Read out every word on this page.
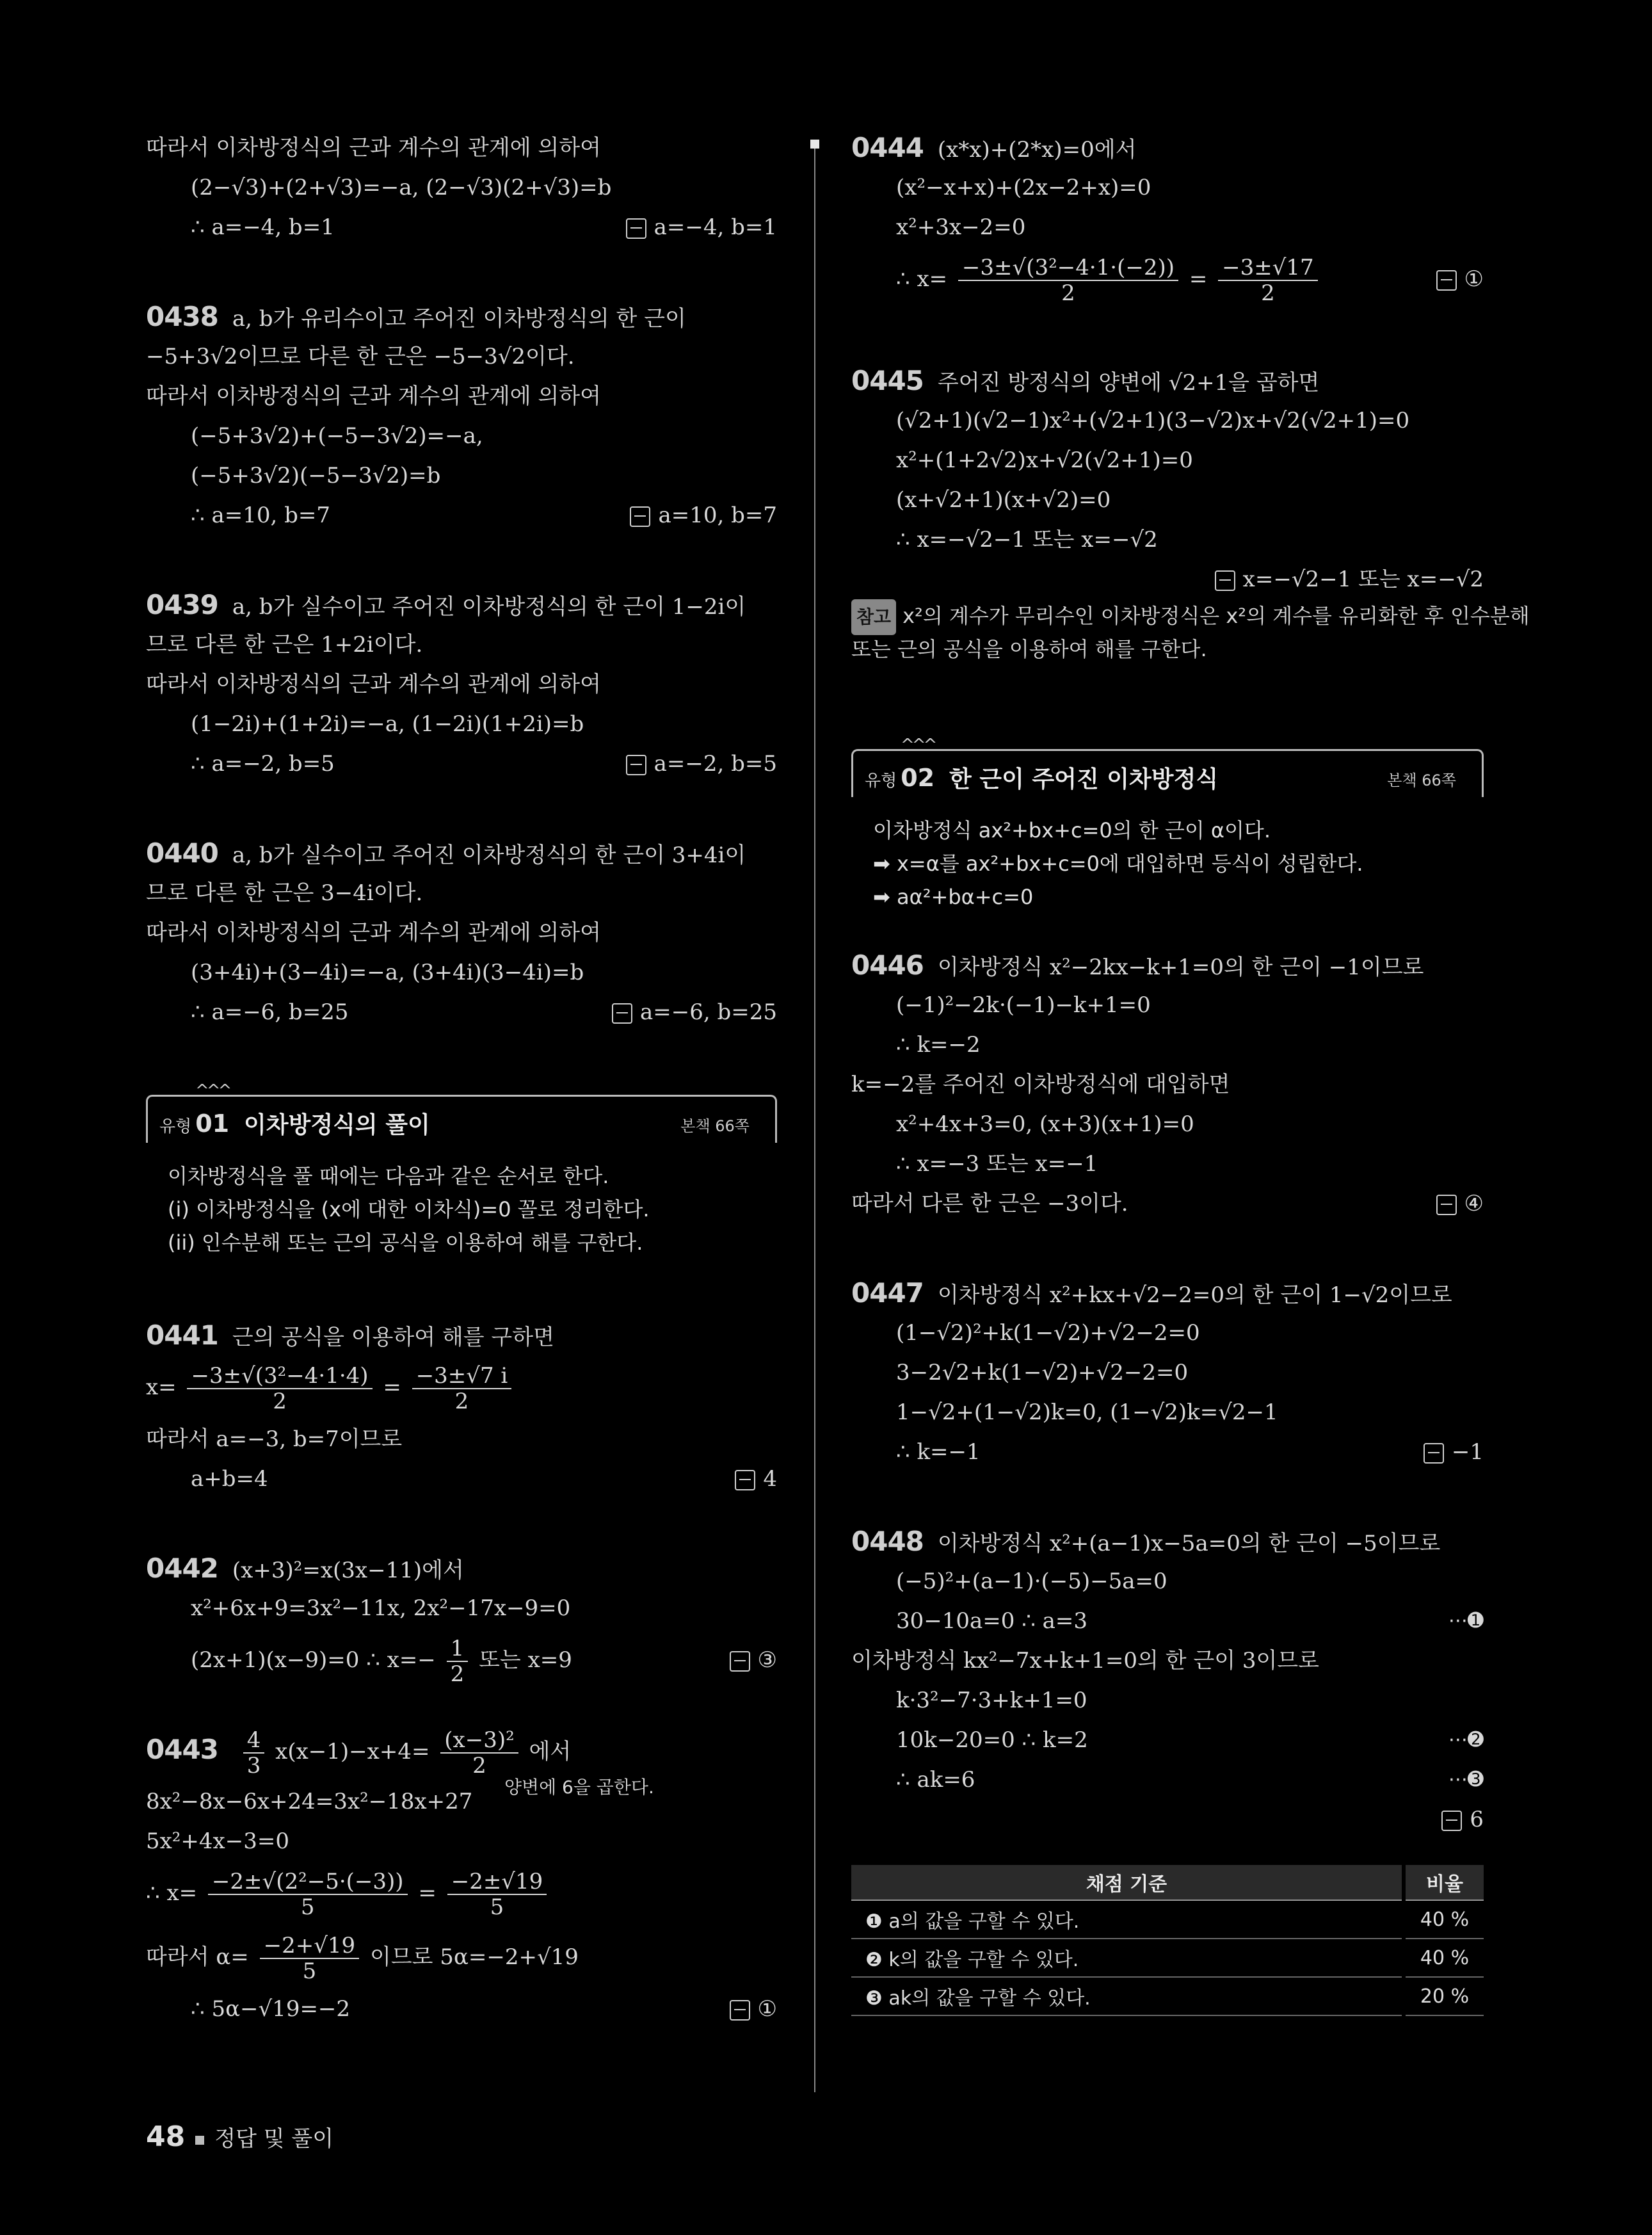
따라서 이차방정식의 근과 계수의 관계에 의하여
(2−√3)+(2+√3)=−a, (2−√3)(2+√3)=b
∴ a=−4, b=1	a=−4, b=1
0438 a, b가 유리수이고 주어진 이차방정식의 한 근이
−5+3√2이므로 다른 한 근은 −5−3√2이다.
따라서 이차방정식의 근과 계수의 관계에 의하여
(−5+3√2)+(−5−3√2)=−a,
(−5+3√2)(−5−3√2)=b
∴ a=10, b=7	a=10, b=7
0439 a, b가 실수이고 주어진 이차방정식의 한 근이 1−2i이
므로 다른 한 근은 1+2i이다.
따라서 이차방정식의 근과 계수의 관계에 의하여
(1−2i)+(1+2i)=−a, (1−2i)(1+2i)=b
∴ a=−2, b=5	a=−2, b=5
0440 a, b가 실수이고 주어진 이차방정식의 한 근이 3+4i이
므로 다른 한 근은 3−4i이다.
따라서 이차방정식의 근과 계수의 관계에 의하여
(3+4i)+(3−4i)=−a, (3+4i)(3−4i)=b
∴ a=−6, b=25	a=−6, b=25
^^^
유형 01 이차방정식의 풀이	본책 66쪽
이차방정식을 풀 때에는 다음과 같은 순서로 한다.
(i) 이차방정식을 (x에 대한 이차식)=0 꼴로 정리한다.
(ii) 인수분해 또는 근의 공식을 이용하여 해를 구한다.
0441 근의 공식을 이용하여 해를 구하면
$x= \frac{\text{−3±√(3²−4·1·4)}}{2} = \frac{-3\pm√7 i}{2}$
따라서 a=−3, b=7이므로
a+b=4	4
0442 (x+3)²=x(3x−11)에서
x²+6x+9=3x²−11x, 2x²−17x−9=0
(2x+1)(x−9)=0 ∴ $x=- \frac{1}{2}$ 또는 x=9	③
$0443 \frac{4}{3} x(x-1)-x+4= \frac{\text{(x−3)²}}{2}$ 에서
8x²−8x−6x+24=3x²−18x+27
양변에 6을 곱한다.
5x²+4x−3=0
∴ $x= \frac{\text{−2±√(2²−5·(−3))}}{5} = \frac{-2\pm√19}{5}$
따라서 $\alpha= \frac{-2+√19}{5}$ 이므로 5α=−2+√19
∴ 5α−√19=−2	①
0444 (x*x)+(2*x)=0에서
(x²−x+x)+(2x−2+x)=0
x²+3x−2=0
∴ $x= \frac{\text{−3±√(3²−4·1·(−2))}}{2} = \frac{-3\pm√17}{2}$	①
0445 주어진 방정식의 양변에 √2+1을 곱하면
(√2+1)(√2−1)x²+(√2+1)(3−√2)x+√2(√2+1)=0
x²+(1+2√2)x+√2(√2+1)=0
(x+√2+1)(x+√2)=0
∴ x=−√2−1 또는 x=−√2
x=−√2−1 또는 x=−√2
참고 x²의 계수가 무리수인 이차방정식은 x²의 계수를 유리화한 후 인수분해
또는 근의 공식을 이용하여 해를 구한다.
^^^
유형 02 한 근이 주어진 이차방정식	본책 66쪽
이차방정식 ax²+bx+c=0의 한 근이 α이다.
➡ x=α를 ax²+bx+c=0에 대입하면 등식이 성립한다.
➡ aα²+bα+c=0
0446 이차방정식 x²−2kx−k+1=0의 한 근이 −1이므로
(−1)²−2k·(−1)−k+1=0
∴ k=−2
k=−2를 주어진 이차방정식에 대입하면
x²+4x+3=0, (x+3)(x+1)=0
∴ x=−3 또는 x=−1
따라서 다른 한 근은 −3이다.	④
0447 이차방정식 x²+kx+√2−2=0의 한 근이 1−√2이므로
(1−√2)²+k(1−√2)+√2−2=0
3−2√2+k(1−√2)+√2−2=0
1−√2+(1−√2)k=0, (1−√2)k=√2−1
∴ k=−1	−1
0448 이차방정식 x²+(a−1)x−5a=0의 한 근이 −5이므로
(−5)²+(a−1)·(−5)−5a=0
30−10a=0 ∴ a=3	⋯➊
이차방정식 kx²−7x+k+1=0의 한 근이 3이므로
k·3²−7·3+k+1=0
10k−20=0 ∴ k=2	⋯➋
∴ ak=6	⋯➌
6
채점 기준	비율
❶ a의 값을 구할 수 있다.	40 %
❷ k의 값을 구할 수 있다.	40 %
❸ ak의 값을 구할 수 있다.	20 %
48 정답 및 풀이
